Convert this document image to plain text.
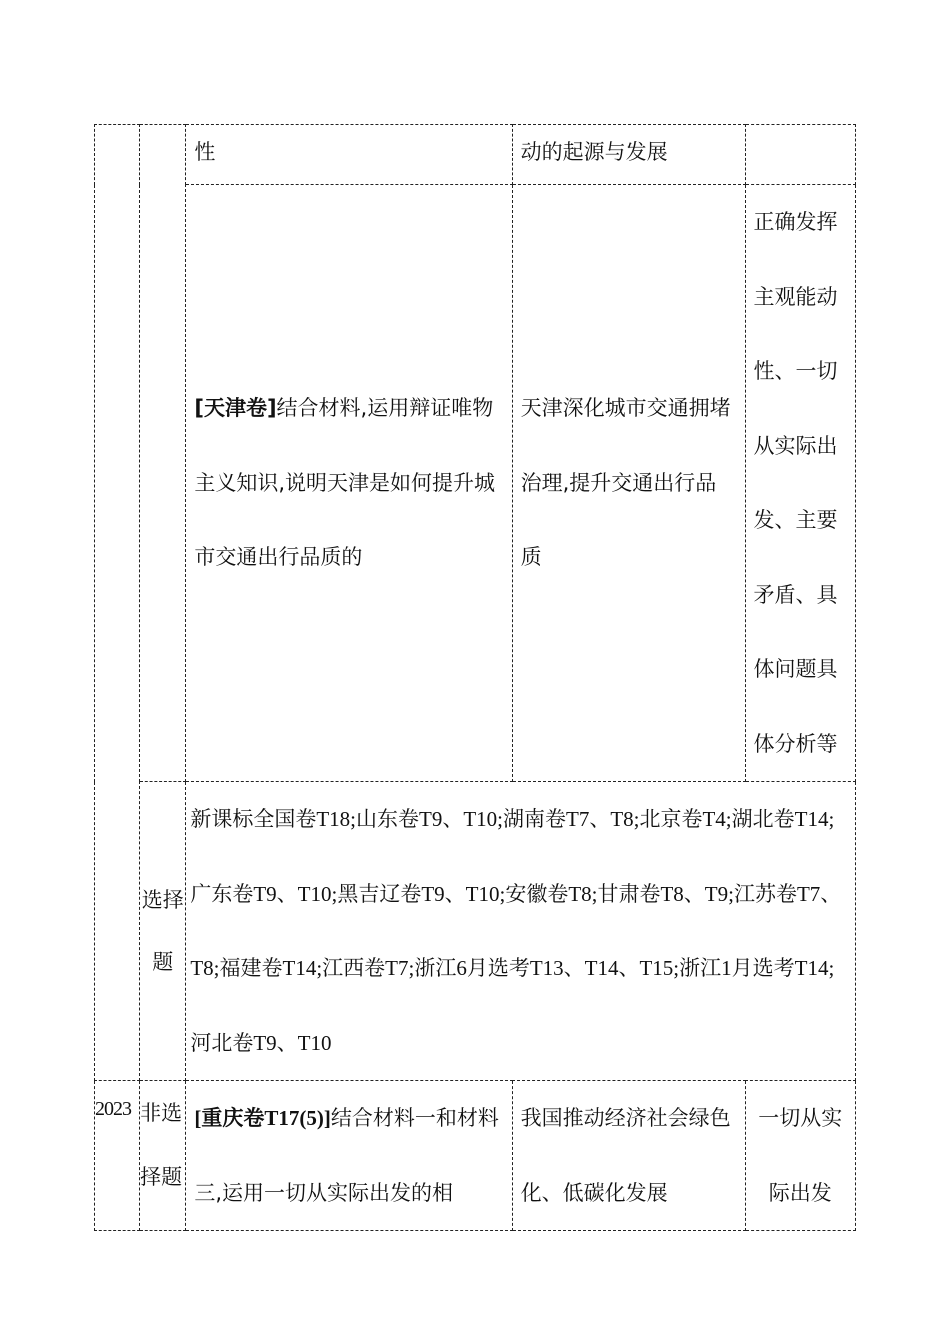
		性	动的起源与发展	
		[天津卷]结合材料,运用辩证唯物主义知识,说明天津是如何提升城市交通出行品质的	天津深化城市交通拥堵治理,提升交通出行品质	正确发挥主观能动性、一切从实际出发、主要矛盾、具体问题具体分析等
	选择题	新课标全国卷T18;山东卷T9、T10;湖南卷T7、T8;北京卷T4;湖北卷T14;广东卷T9、T10;黑吉辽卷T9、T10;安徽卷T8;甘肃卷T8、T9;江苏卷T7、T8;福建卷T14;江西卷T7;浙江6月选考T13、T14、T15;浙江1月选考T14;河北卷T9、T10		
2023	非选择题	[重庆卷T17(5)]结合材料一和材料三,运用一切从实际出发的相	我国推动经济社会绿色化、低碳化发展	一切从实际出发
